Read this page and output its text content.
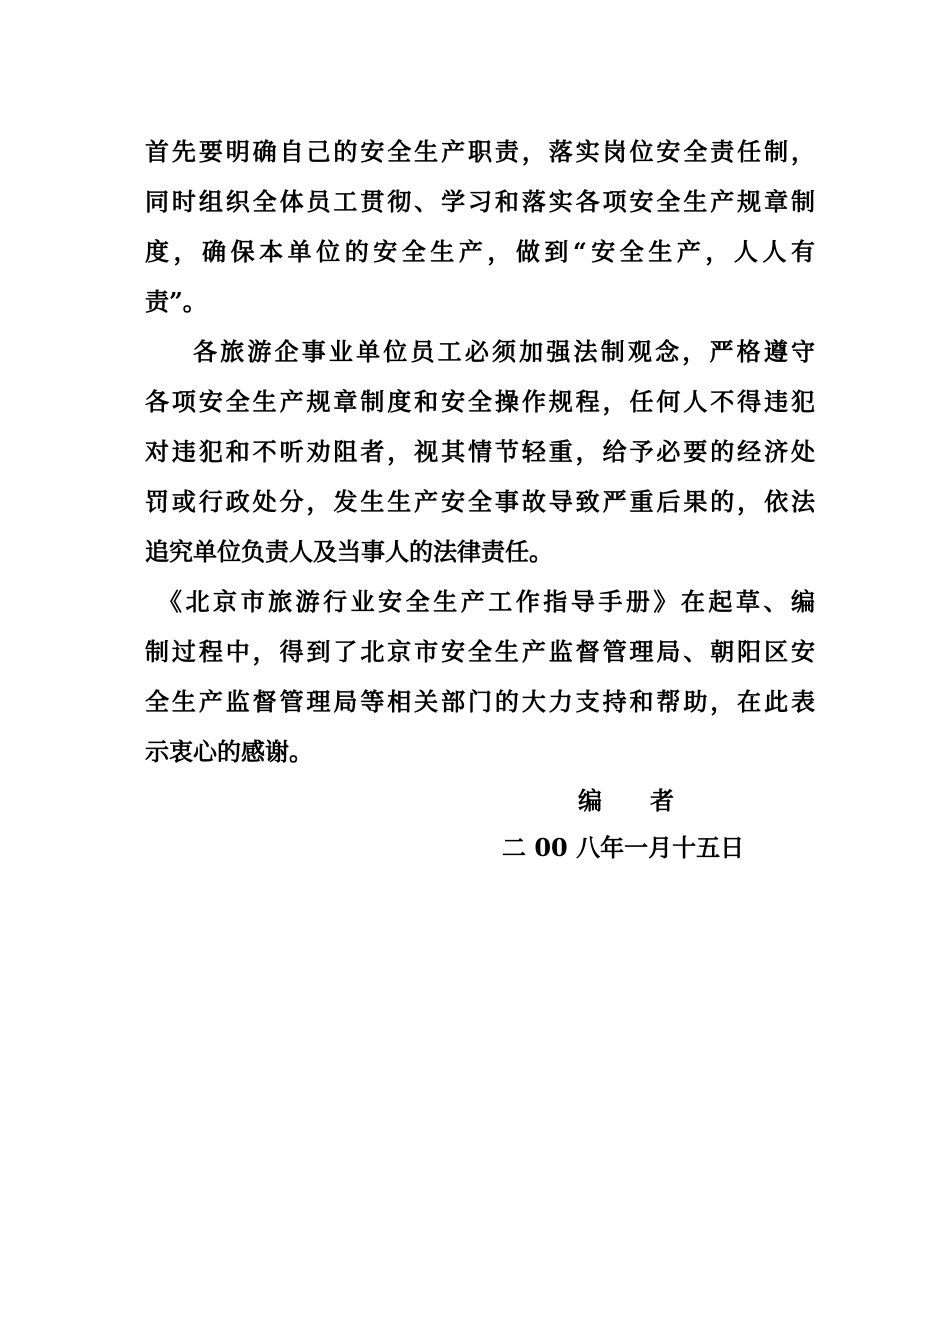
首先要明确自己的安全生产职责，落实岗位安全责任制，
同时组织全体员工贯彻、学习和落实各项安全生产规章制
度，确保本单位的安全生产，做到“安全生产，人人有
责”。
各旅游企事业单位员工必须加强法制观念，严格遵守
各项安全生产规章制度和安全操作规程，任何人不得违犯
对违犯和不听劝阻者，视其情节轻重，给予必要的经济处
罚或行政处分，发生生产安全事故导致严重后果的，依法
追究单位负责人及当事人的法律责任。
《北京市旅游行业安全生产工作指导手册》在起草、编
制过程中，得到了北京市安全生产监督管理局、朝阳区安
全生产监督管理局等相关部门的大力支持和帮助，在此表
示衷心的感谢。
编　　者
二 00 八年一月十五日
